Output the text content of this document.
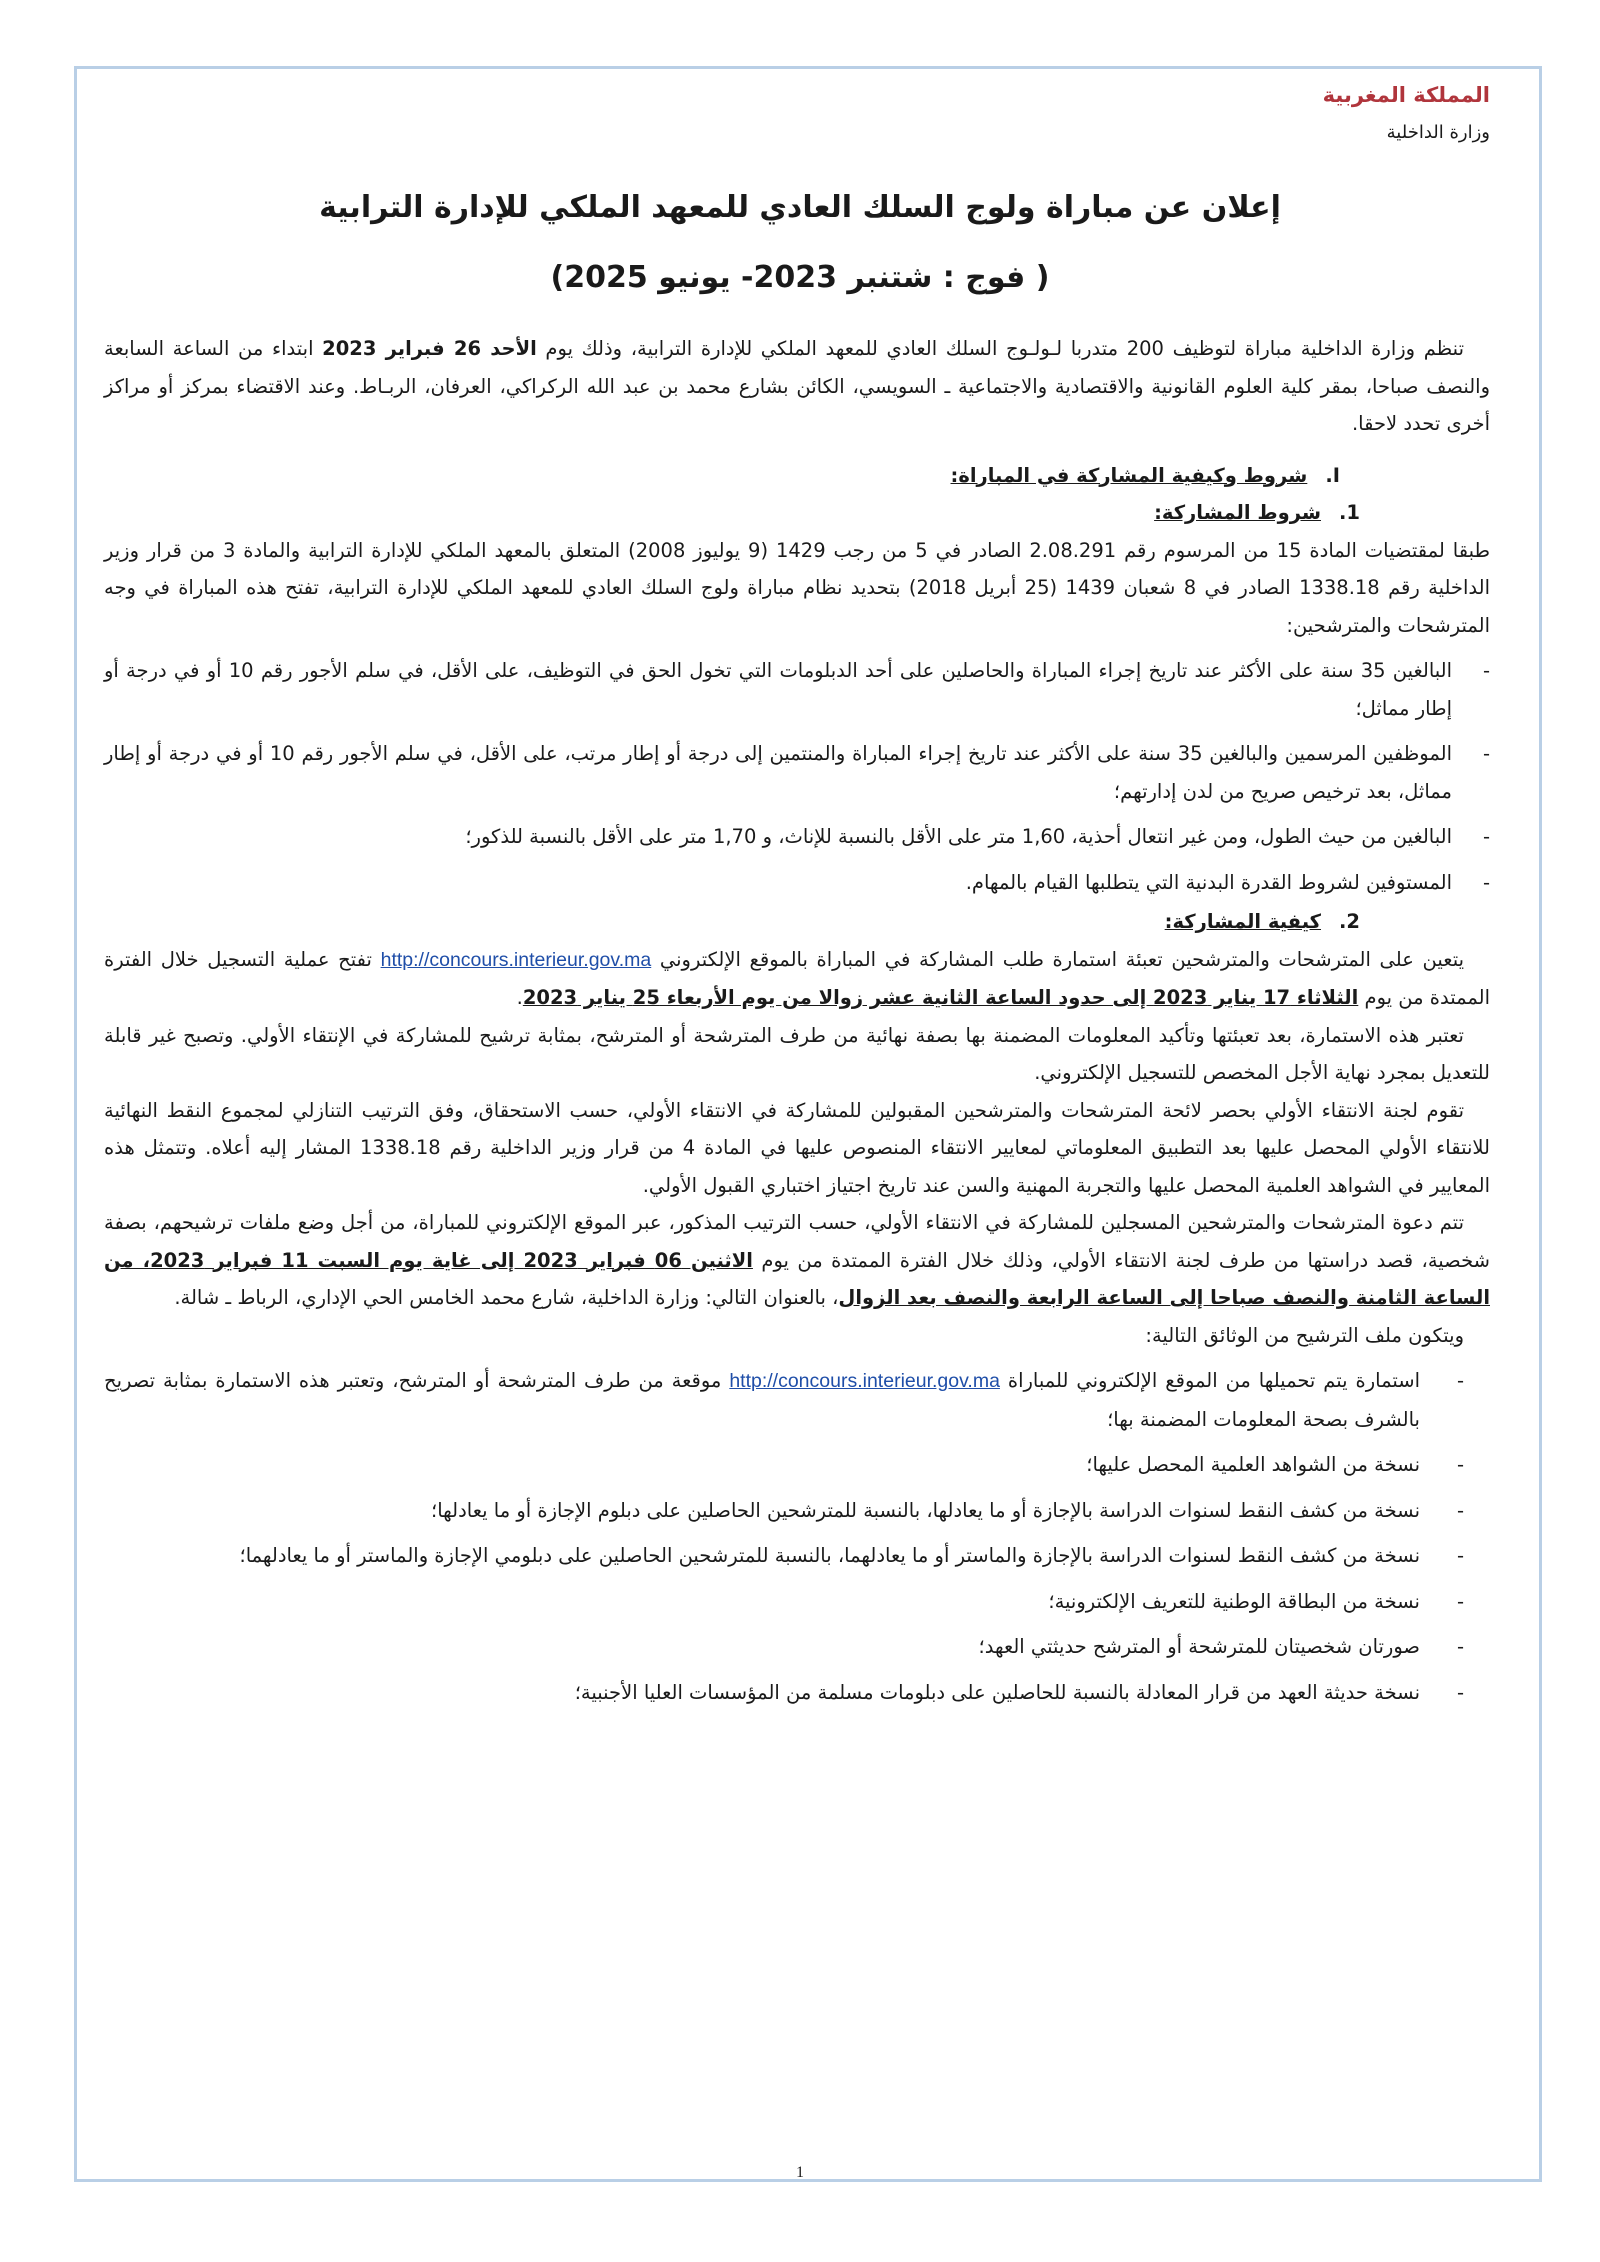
المملكة المغربية
وزارة الداخلية
إعلان عن مباراة ولوج السلك العادي للمعهد الملكي للإدارة الترابية
( فوج : شتنبر 2023- يونيو 2025)

تنظم وزارة الداخلية مباراة لتوظيف 200 متدربا لـولـوج السلك العادي للمعهد الملكي للإدارة الترابية، وذلك يوم الأحد 26 فبراير 2023 ابتداء من الساعة السابعة والنصف صباحا، بمقر كلية العلوم القانونية والاقتصادية والاجتماعية ـ السويسي، الكائن بشارع محمد بن عبد الله الركراكي، العرفان، الربـاط. وعند الاقتضاء بمركز أو مراكز أخرى تحدد لاحقا.

I.
شروط وكيفية المشاركة في المباراة:
1.
شروط المشاركة:

طبقا لمقتضيات المادة 15 من المرسوم رقم 2.08.291 الصادر في 5 من رجب 1429 (9 يوليوز 2008) المتعلق بالمعهد الملكي للإدارة الترابية والمادة 3 من قرار وزير الداخلية رقم 1338.18 الصادر في 8 شعبان 1439 (25 أبريل 2018) بتحديد نظام مباراة ولوج السلك العادي للمعهد الملكي للإدارة الترابية، تفتح هذه المباراة في وجه المترشحات والمترشحين:

-
البالغين 35 سنة على الأكثر عند تاريخ إجراء المباراة والحاصلين على أحد الدبلومات التي تخول الحق في التوظيف، على الأقل، في سلم الأجور رقم 10 أو في درجة أو إطار مماثل؛
-
الموظفين المرسمين والبالغين 35 سنة على الأكثر عند تاريخ إجراء المباراة والمنتمين إلى درجة أو إطار مرتب، على الأقل، في سلم الأجور رقم 10 أو في درجة أو إطار مماثل، بعد ترخيص صريح من لدن إدارتهم؛
-
البالغين من حيث الطول، ومن غير انتعال أحذية، 1,60 متر على الأقل بالنسبة للإناث، و 1,70 متر على الأقل بالنسبة للذكور؛
-
المستوفين لشروط القدرة البدنية التي يتطلبها القيام بالمهام.
2.
كيفية المشاركة:

يتعين على المترشحات والمترشحين تعبئة استمارة طلب المشاركة في المباراة بالموقع الإلكتروني http://concours.interieur.gov.ma تفتح عملية التسجيل خلال الفترة الممتدة من يوم الثلاثاء 17 يناير 2023 إلى حدود الساعة الثانية عشر زوالا من يوم الأربعاء 25 يناير 2023.

تعتبر هذه الاستمارة، بعد تعبئتها وتأكيد المعلومات المضمنة بها بصفة نهائية من طرف المترشحة أو المترشح، بمثابة ترشيح للمشاركة في الإنتقاء الأولي. وتصبح غير قابلة للتعديل بمجرد نهاية الأجل المخصص للتسجيل الإلكتروني.

تقوم لجنة الانتقاء الأولي بحصر لائحة المترشحات والمترشحين المقبولين للمشاركة في الانتقاء الأولي، حسب الاستحقاق، وفق الترتيب التنازلي لمجموع النقط النهائية للانتقاء الأولي المحصل عليها بعد التطبيق المعلوماتي لمعايير الانتقاء المنصوص عليها في المادة 4 من قرار وزير الداخلية رقم 1338.18 المشار إليه أعلاه. وتتمثل هذه المعايير في الشواهد العلمية المحصل عليها والتجربة المهنية والسن عند تاريخ اجتياز اختباري القبول الأولي.

تتم دعوة المترشحات والمترشحين المسجلين للمشاركة في الانتقاء الأولي، حسب الترتيب المذكور، عبر الموقع الإلكتروني للمباراة، من أجل وضع ملفات ترشيحهم، بصفة شخصية، قصد دراستها من طرف لجنة الانتقاء الأولي، وذلك خلال الفترة الممتدة من يوم الاثنين 06 فبراير 2023 إلى غاية يوم السبت 11 فبراير 2023، من الساعة الثامنة والنصف صباحا إلى الساعة الرابعة والنصف بعد الزوال، بالعنوان التالي: وزارة الداخلية، شارع محمد الخامس الحي الإداري، الرباط ـ شالة.

ويتكون ملف الترشيح من الوثائق التالية:

-
استمارة يتم تحميلها من الموقع الإلكتروني للمباراة http://concours.interieur.gov.ma موقعة من طرف المترشحة أو المترشح، وتعتبر هذه الاستمارة بمثابة تصريح بالشرف بصحة المعلومات المضمنة بها؛
-
نسخة من الشواهد العلمية المحصل عليها؛
-
نسخة من كشف النقط لسنوات الدراسة بالإجازة أو ما يعادلها، بالنسبة للمترشحين الحاصلين على دبلوم الإجازة أو ما يعادلها؛
-
نسخة من كشف النقط لسنوات الدراسة بالإجازة والماستر أو ما يعادلهما، بالنسبة للمترشحين الحاصلين على دبلومي الإجازة والماستر أو ما يعادلهما؛
-
نسخة من البطاقة الوطنية للتعريف الإلكترونية؛
-
صورتان شخصيتان للمترشحة أو المترشح حديثتي العهد؛
-
نسخة حديثة العهد من قرار المعادلة بالنسبة للحاصلين على دبلومات مسلمة من المؤسسات العليا الأجنبية؛
1
